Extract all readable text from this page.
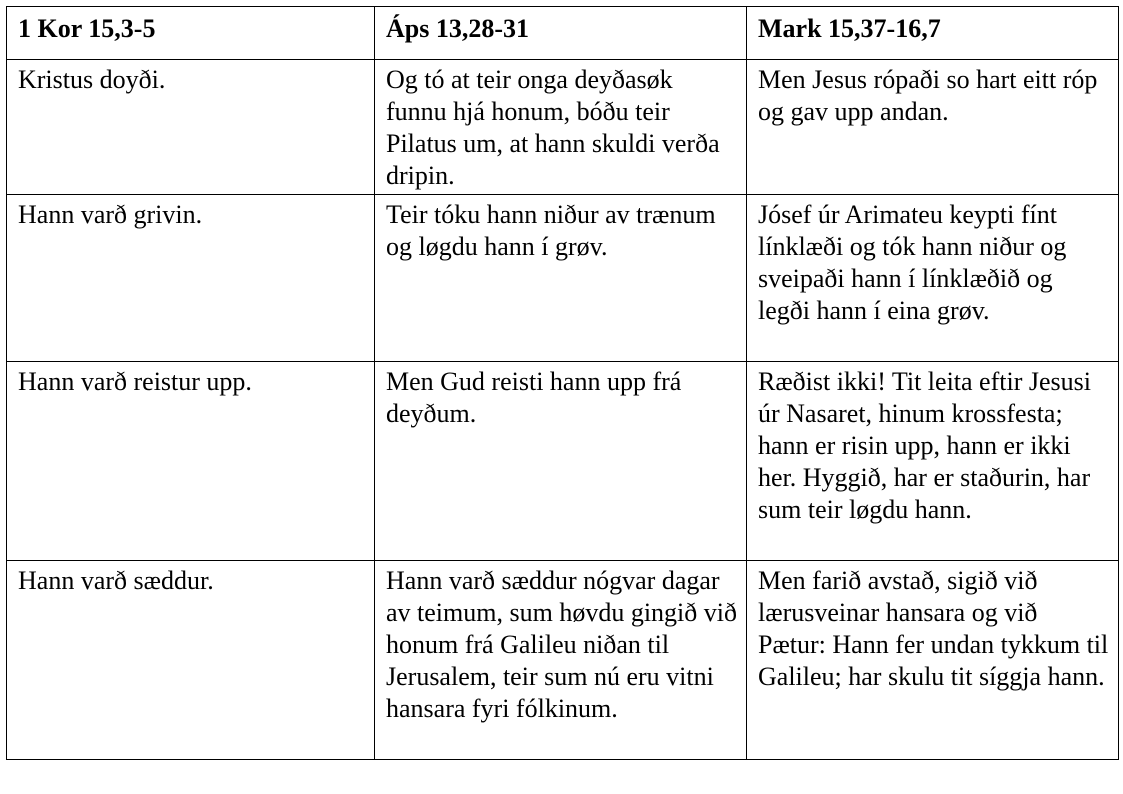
1 Kor 15,3-5	Áps 13,28-31	Mark 15,37-16,7

Kristus doyði.	Og tó at teir onga deyðasøk funnu hjá honum, bóðu teir Pilatus um, at hann skuldi verða dripin.	Men Jesus rópaði so hart eitt róp og gav upp andan.

Hann varð grivin.	Teir tóku hann niður av trænum og løgdu hann í grøv.	Jósef úr Arimateu keypti fínt línklæði og tók hann niður og sveipaði hann í línklæðið og legði hann í eina grøv.

Hann varð reistur upp.	Men Gud reisti hann upp frá deyðum.	Ræðist ikki! Tit leita eftir Jesusi úr Nasaret, hinum krossfesta; hann er risin upp, hann er ikki her. Hyggið, har er staðurin, har sum teir løgdu hann.

Hann varð sæddur.	Hann varð sæddur nógvar dagar av teimum, sum høvdu gingið við honum frá Galileu niðan til Jerusalem, teir sum nú eru vitni hansara fyri fólkinum.	Men farið avstað, sigið við lærusveinar hansara og við Pætur: Hann fer undan tykkum til Galileu; har skulu tit síggja hann.
